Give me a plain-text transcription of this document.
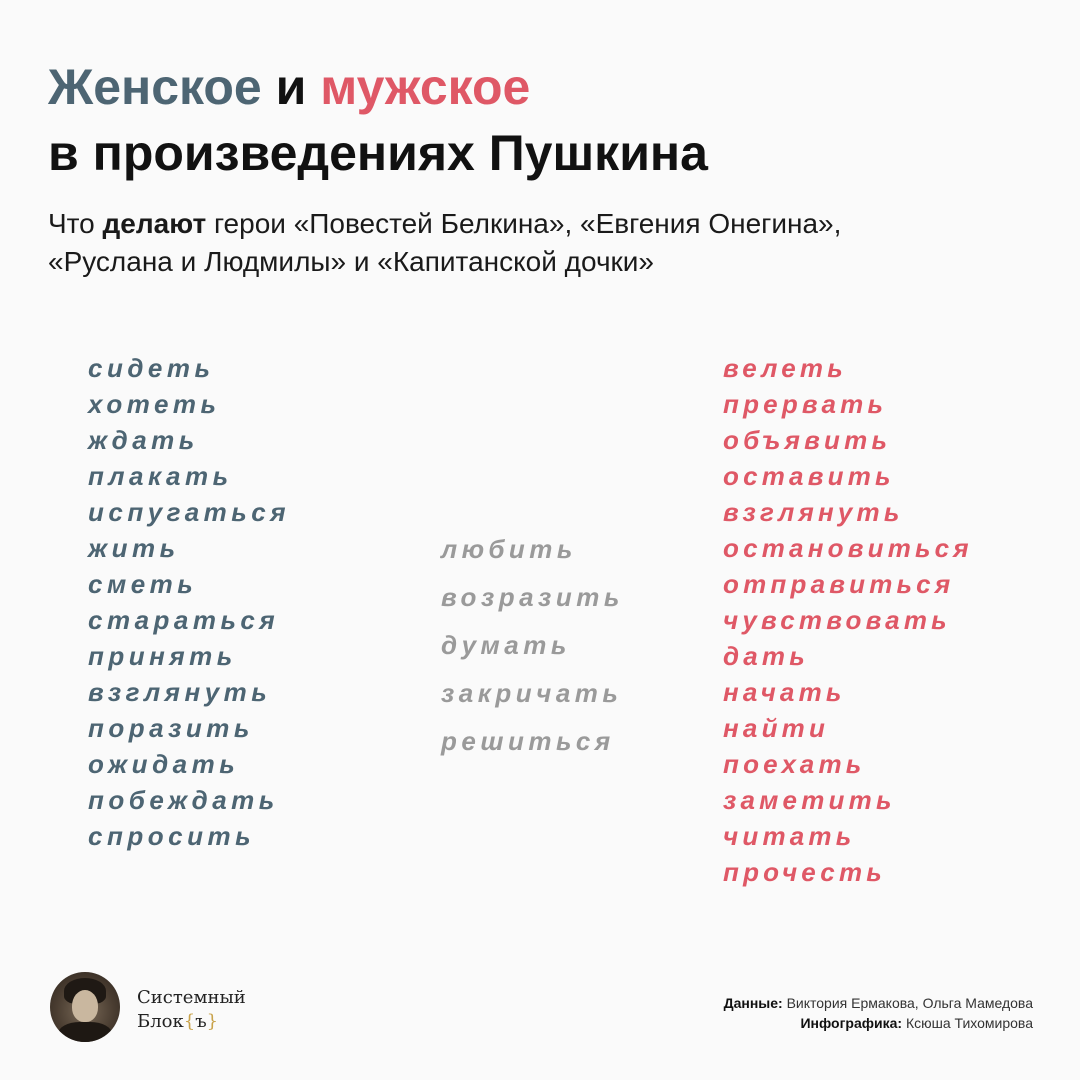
Женское и мужское
в произведениях Пушкина

Что делают герои «Повестей Белкина», «Евгения Онегина»,
«Руслана и Людмилы» и «Капитанской дочки»

сидеть
хотеть
ждать
плакать
испугаться
жить
сметь
стараться
принять
взглянуть
поразить
ожидать
побеждать
спросить
любить
возразить
думать
закричать
решиться
велеть
прервать
объявить
оставить
взглянуть
остановиться
отправиться
чувствовать
дать
начать
найти
поехать
заметить
читать
прочесть
Системный
Блок{ъ}
Данные: Виктория Ермакова, Ольга Мамедова
Инфографика: Ксюша Тихомирова
